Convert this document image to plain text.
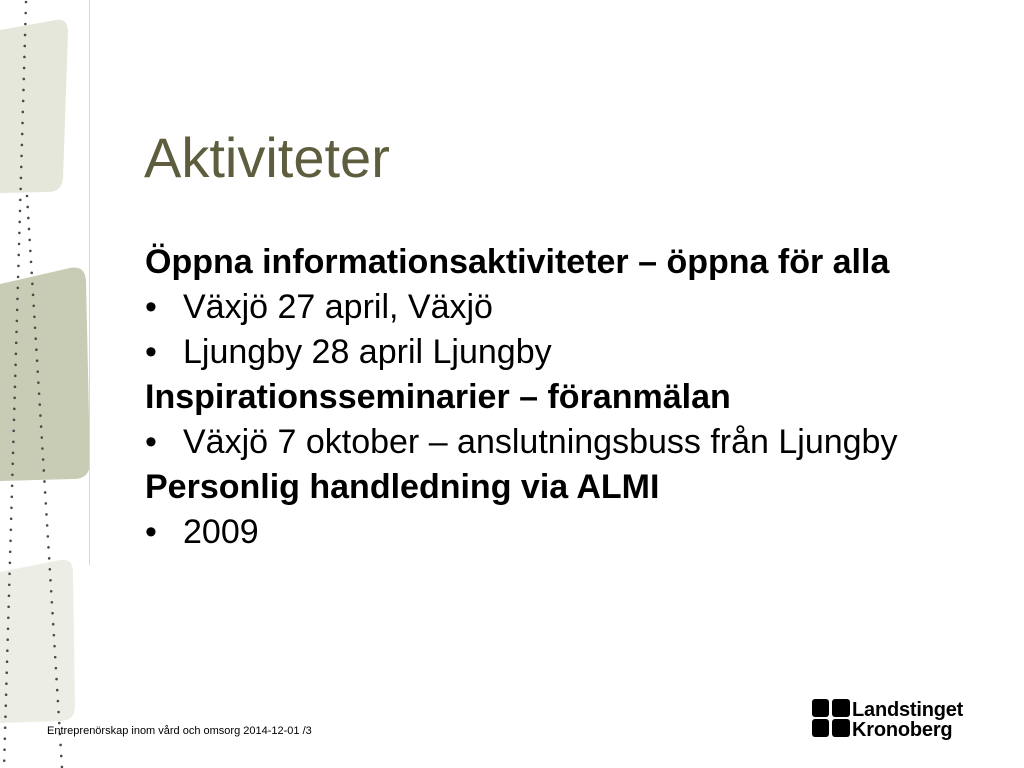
Aktiviteter
Öppna informationsaktiviteter – öppna för alla
•
Växjö 27 april, Växjö
•
Ljungby 28 april Ljungby
Inspirationsseminarier – föranmälan
•
Växjö 7 oktober – anslutningsbuss från Ljungby
Personlig handledning via ALMI
•
2009
Entreprenörskap inom vård och omsorg 2014-12-01 /3
Landstinget
Kronoberg
